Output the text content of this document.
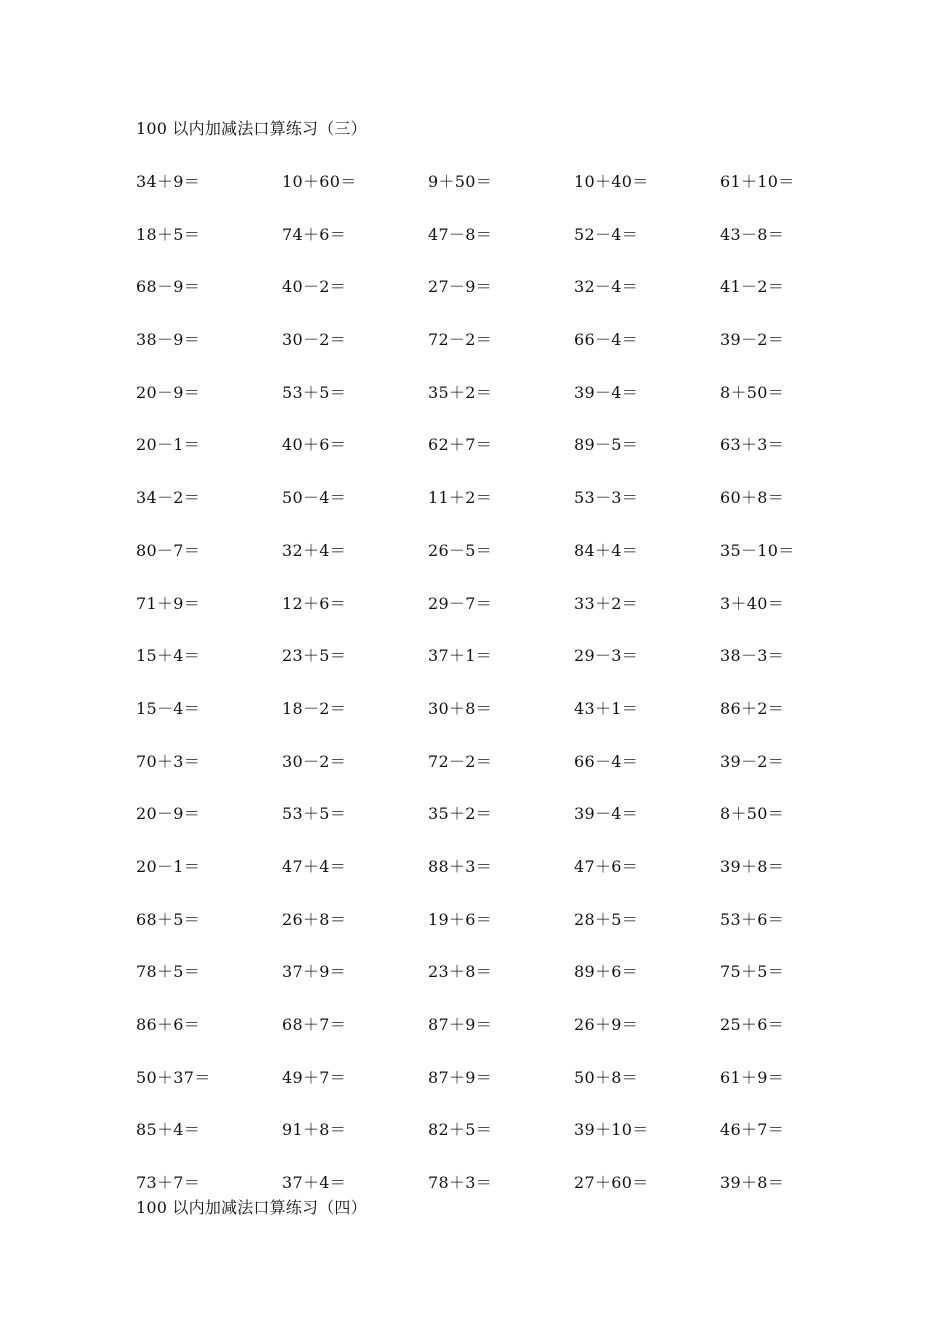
100 以内加减法口算练习（三）
34＋9＝	10＋60＝	9＋50＝	10＋40＝	61＋10＝
18＋5＝	74＋6＝	47－8＝	52－4＝	43－8＝
68－9＝	40－2＝	27－9＝	32－4＝	41－2＝
38－9＝	30－2＝	72－2＝	66－4＝	39－2＝
20－9＝	53＋5＝	35＋2＝	39－4＝	8＋50＝
20－1＝	40＋6＝	62＋7＝	89－5＝	63＋3＝
34－2＝	50－4＝	11＋2＝	53－3＝	60＋8＝
80－7＝	32＋4＝	26－5＝	84＋4＝	35－10＝
71＋9＝	12＋6＝	29－7＝	33＋2＝	3＋40＝
15＋4＝	23＋5＝	37＋1＝	29－3＝	38－3＝
15－4＝	18－2＝	30＋8＝	43＋1＝	86＋2＝
70＋3＝	30－2＝	72－2＝	66－4＝	39－2＝
20－9＝	53＋5＝	35＋2＝	39－4＝	8＋50＝
20－1＝	47＋4＝	88＋3＝	47＋6＝	39＋8＝
68＋5＝	26＋8＝	19＋6＝	28＋5＝	53＋6＝
78＋5＝	37＋9＝	23＋8＝	89＋6＝	75＋5＝
86＋6＝	68＋7＝	87＋9＝	26＋9＝	25＋6＝
50＋37＝	49＋7＝	87＋9＝	50＋8＝	61＋9＝
85＋4＝	91＋8＝	82＋5＝	39＋10＝	46＋7＝
73＋7＝	37＋4＝	78＋3＝	27＋60＝	39＋8＝
100 以内加减法口算练习（四）
